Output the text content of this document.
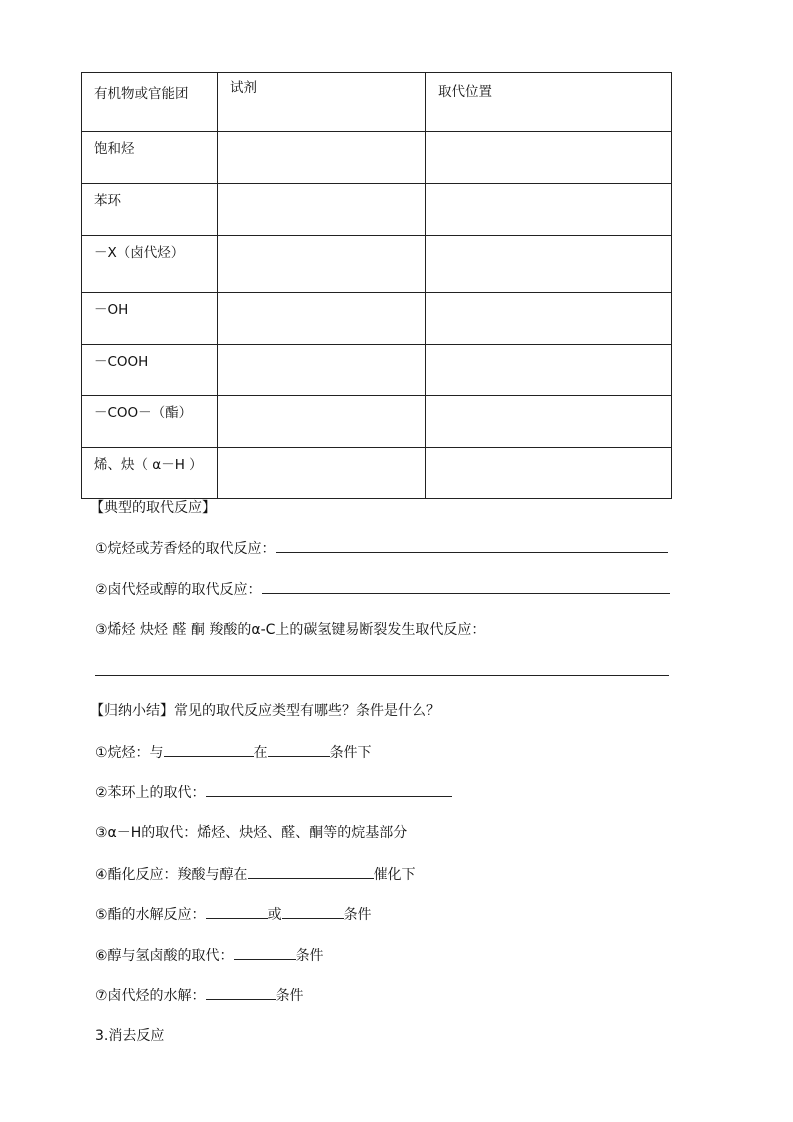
有机物或官能团	试剂	取代位置
饱和烃		
苯环		
－X（卤代烃）		
－OH		
－COOH		
－COO－（酯）		
烯、炔（ α－H ）		
【典型的取代反应】
①烷烃或芳香烃的取代反应：
②卤代烃或醇的取代反应：
③烯烃 炔烃 醛 酮 羧酸的α-C上的碳氢键易断裂发生取代反应：
【归纳小结】常见的取代反应类型有哪些？条件是什么？
①烷烃：与	在	条件下
②苯环上的取代：
③α－H的取代：烯烃、炔烃、醛、酮等的烷基部分
④酯化反应：羧酸与醇在	催化下
⑤酯的水解反应：	或	条件
⑥醇与氢卤酸的取代：	条件
⑦卤代烃的水解：	条件
3.消去反应
